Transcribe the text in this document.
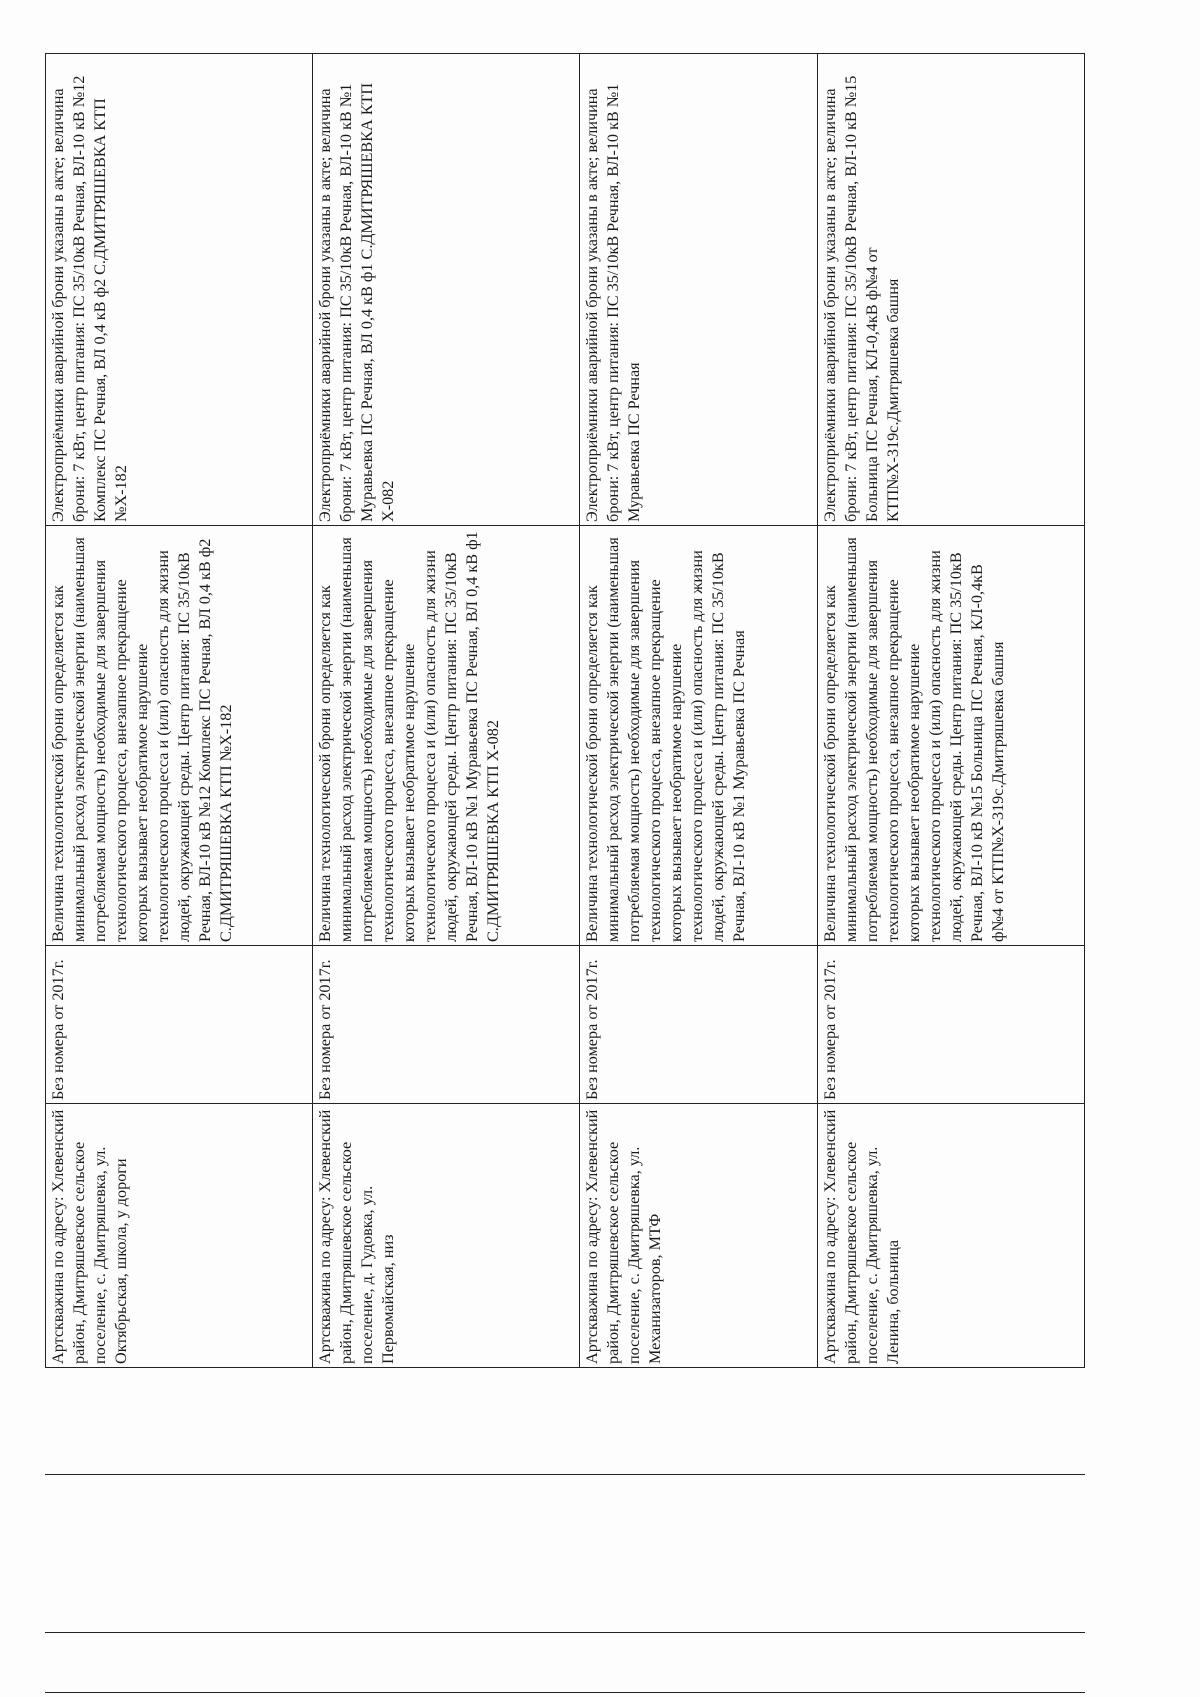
Артскважина по адресу: Хлевенский район, Дмитряшевское сельское поселение, с. Дмитряшевка, ул. Октябрьская, школа, у дороги	Без номера от 2017г.	Величина технологической брони определяется как минимальный расход электрической энергии (наименьшая потребляемая мощность) необходимые для завершения технологического процесса, внезапное прекращение которых вызывает необратимое нарушение технологического процесса и (или) опасность для жизни людей, окружающей среды. Центр питания: ПС 35/10кВ Речная, ВЛ-10 кВ №12 Комплекс ПС Речная, ВЛ 0,4 кВ ф2 С.ДМИТРЯШЕВКА КТП №Х-182	Электроприёмники аварийной брони указаны в акте; величина брони: 7 кВт, центр питания: ПС 35/10кВ Речная, ВЛ-10 кВ №12 Комплекс ПС Речная, ВЛ 0,4 кВ ф2 С.ДМИТРЯШЕВКА КТП №Х-182
Артскважина по адресу: Хлевенский район, Дмитряшевское сельское поселение, д. Гудовка, ул. Первомайская, низ	Без номера от 2017г.	Величина технологической брони определяется как минимальный расход электрической энергии (наименьшая потребляемая мощность) необходимые для завершения технологического процесса, внезапное прекращение которых вызывает необратимое нарушение технологического процесса и (или) опасность для жизни людей, окружающей среды. Центр питания: ПС 35/10кВ Речная, ВЛ-10 кВ №1 Муравьевка ПС Речная, ВЛ 0,4 кВ ф1 С.ДМИТРЯШЕВКА КТП Х-082	Электроприёмники аварийной брони указаны в акте; величина брони: 7 кВт, центр питания: ПС 35/10кВ Речная, ВЛ-10 кВ №1 Муравьевка ПС Речная, ВЛ 0,4 кВ ф1 С.ДМИТРЯШЕВКА КТП Х-082
Артскважина по адресу: Хлевенский район, Дмитряшевское сельское поселение, с. Дмитряшевка, ул. Механизаторов, МТФ	Без номера от 2017г.	Величина технологической брони определяется как минимальный расход электрической энергии (наименьшая потребляемая мощность) необходимые для завершения технологического процесса, внезапное прекращение которых вызывает необратимое нарушение технологического процесса и (или) опасность для жизни людей, окружающей среды. Центр питания: ПС 35/10кВ Речная, ВЛ-10 кВ №1 Муравьевка ПС Речная	Электроприёмники аварийной брони указаны в акте; величина брони: 7 кВт, центр питания: ПС 35/10кВ Речная, ВЛ-10 кВ №1 Муравьевка ПС Речная
Артскважина по адресу: Хлевенский район, Дмитряшевское сельское поселение, с. Дмитряшевка, ул. Ленина, больница	Без номера от 2017г.	Величина технологической брони определяется как минимальный расход электрической энергии (наименьшая потребляемая мощность) необходимые для завершения технологического процесса, внезапное прекращение которых вызывает необратимое нарушение технологического процесса и (или) опасность для жизни людей, окружающей среды. Центр питания: ПС 35/10кВ Речная, ВЛ-10 кВ №15 Больница ПС Речная, КЛ-0,4кВ ф№4 от КТП№Х-319с.Дмитряшевка башня	Электроприёмники аварийной брони указаны в акте; величина брони: 7 кВт, центр питания: ПС 35/10кВ Речная, ВЛ-10 кВ №15 Больница ПС Речная, КЛ-0,4кВ ф№4 от КТП№Х-319с.Дмитряшевка башня
